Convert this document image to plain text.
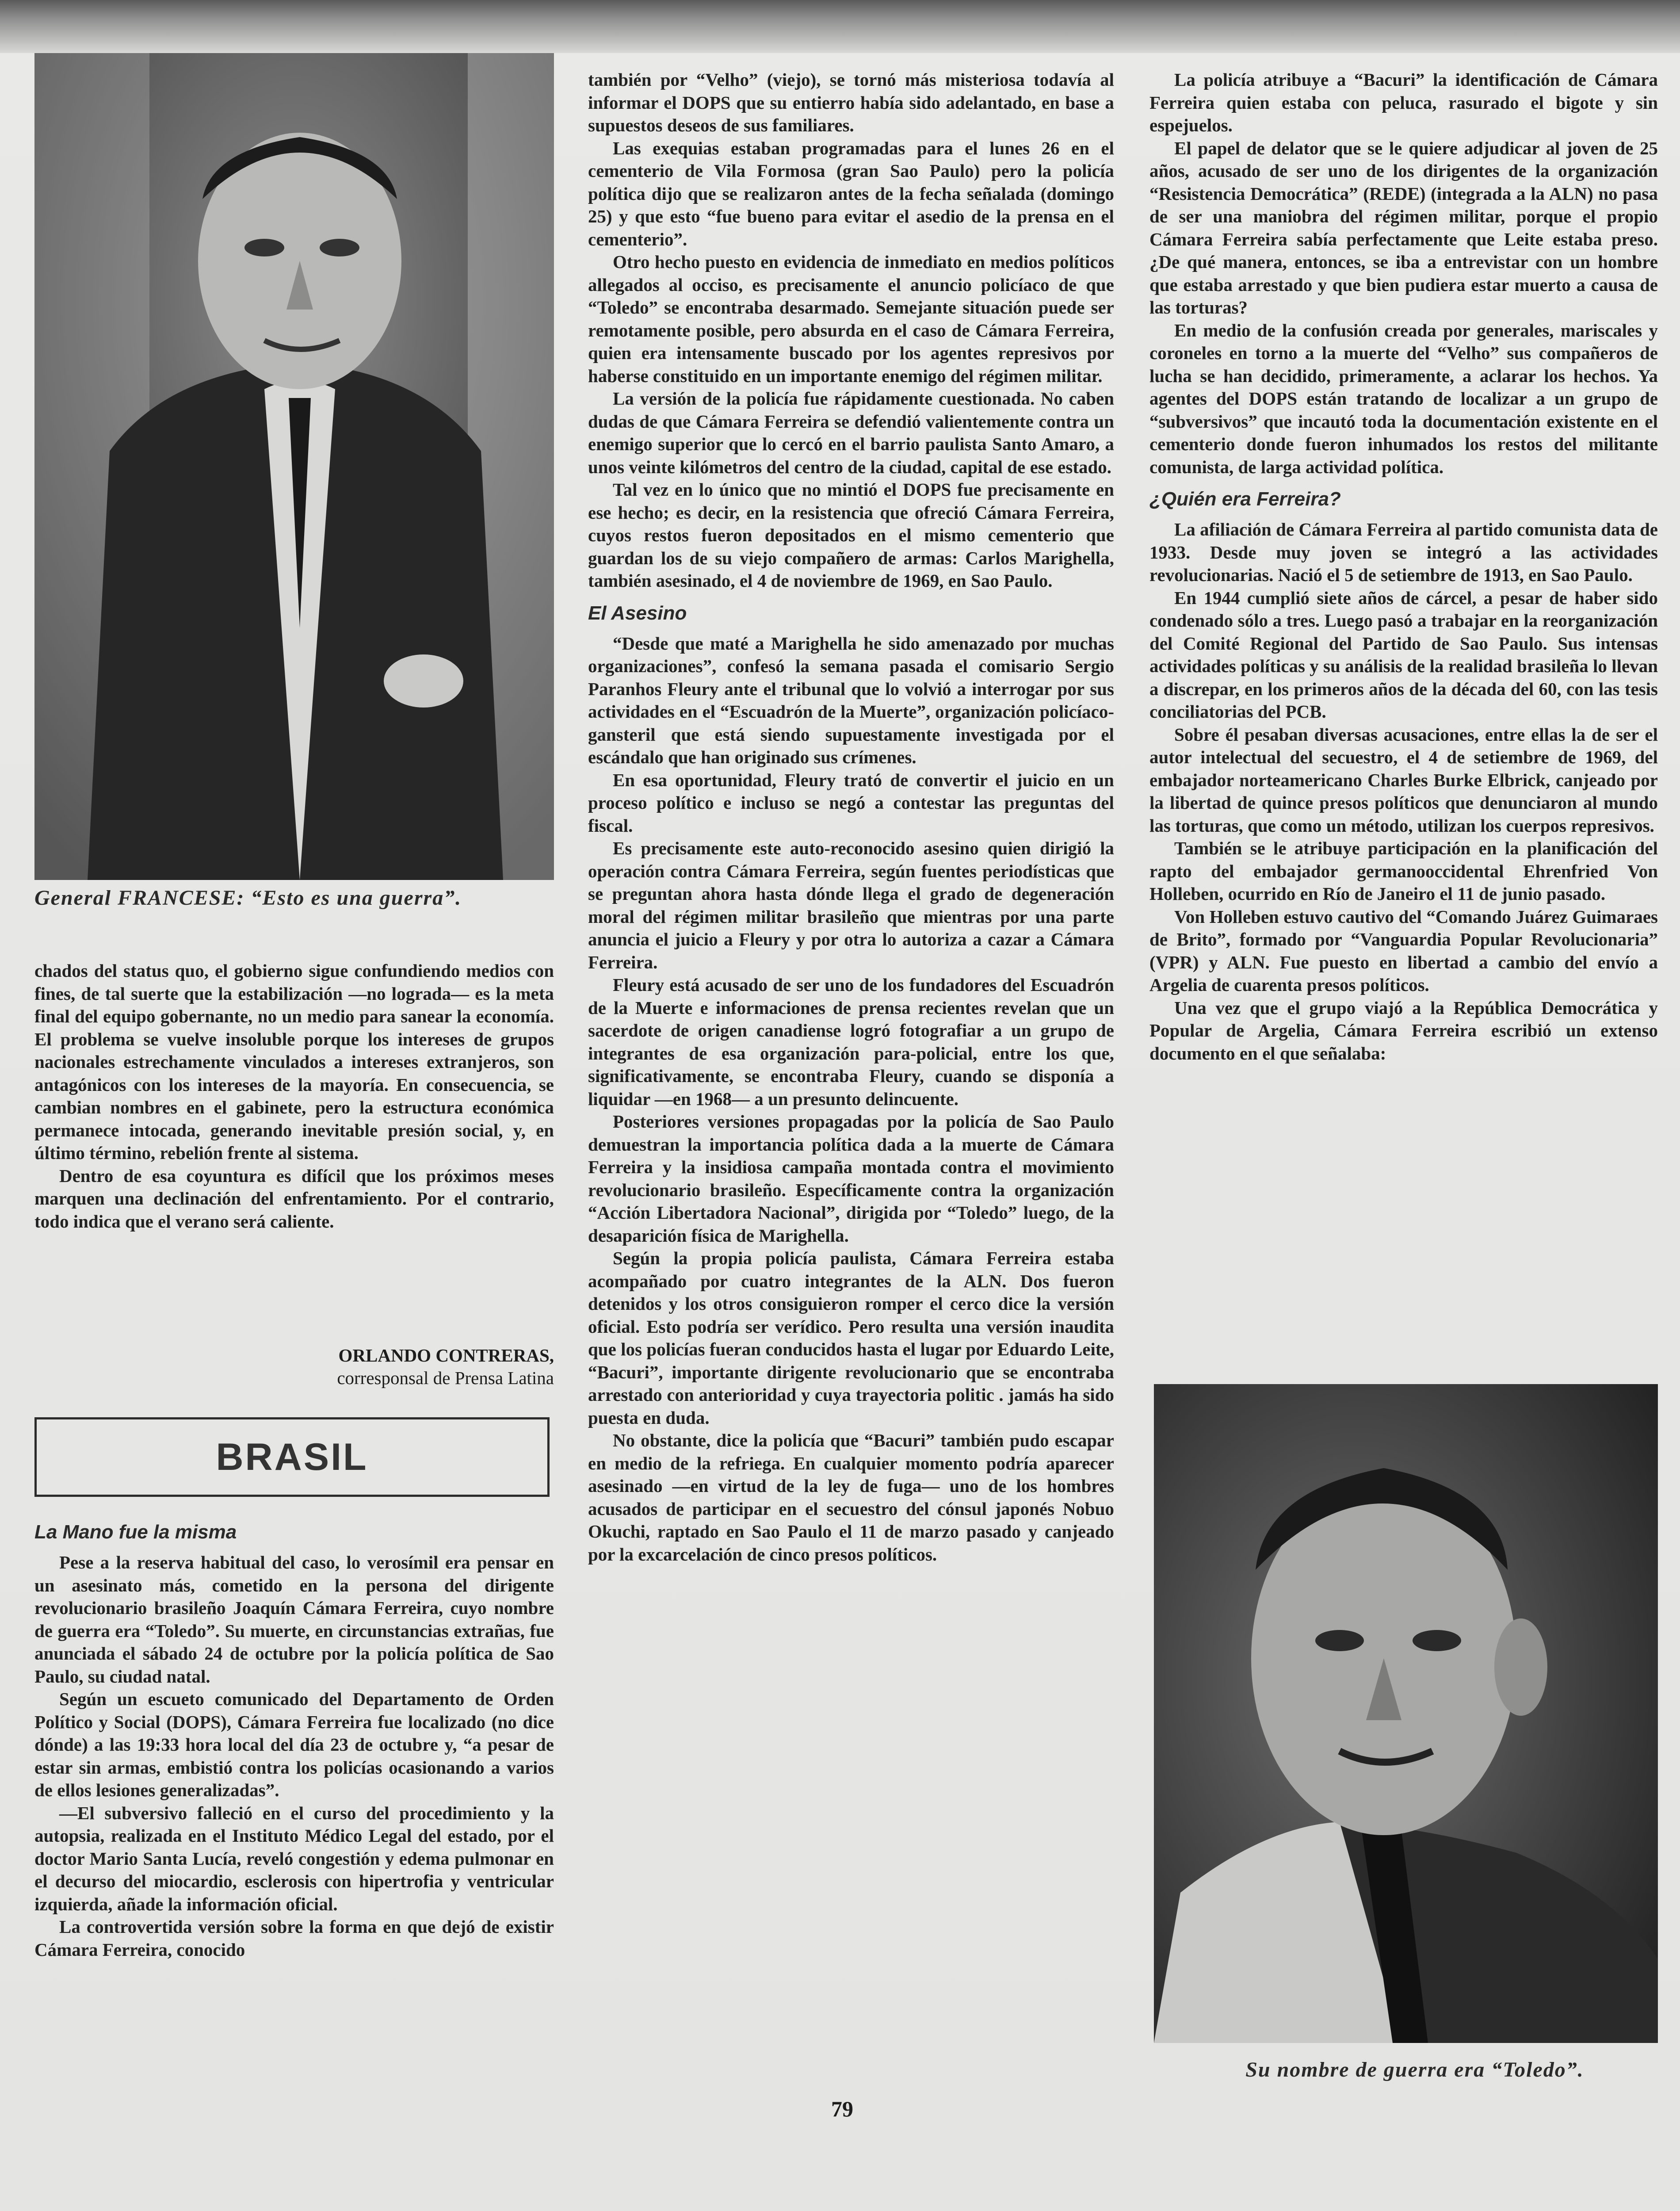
General FRANCESE: “Esto es una guerra”.

chados del status quo, el gobierno sigue confundiendo medios con fines, de tal suerte que la estabilización —no lograda— es la meta final del equipo gobernante, no un medio para sanear la economía. El problema se vuelve insoluble porque los intereses de grupos nacionales estrechamente vinculados a intereses extranjeros, son antagónicos con los intereses de la mayoría. En consecuencia, se cambian nombres en el gabinete, pero la estructura económica permanece intocada, generando inevitable presión social, y, en último término, rebelión frente al sistema.

Dentro de esa coyuntura es difícil que los próximos meses marquen una declinación del enfrentamiento. Por el contrario, todo indica que el verano será caliente.

ORLANDO CONTRERAS,
corresponsal de Prensa Latina
BRASIL
La Mano fue la misma

Pese a la reserva habitual del caso, lo verosímil era pensar en un asesinato más, cometido en la persona del dirigente revolucionario brasileño Joaquín Cámara Ferreira, cuyo nombre de guerra era “Toledo”. Su muerte, en circunstancias extrañas, fue anunciada el sábado 24 de octubre por la policía política de Sao Paulo, su ciudad natal.

Según un escueto comunicado del Departamento de Orden Político y Social (DOPS), Cámara Ferreira fue localizado (no dice dónde) a las 19:33 hora local del día 23 de octubre y, “a pesar de estar sin armas, embistió contra los policías ocasionando a varios de ellos lesiones generalizadas”.

—El subversivo falleció en el curso del procedimiento y la autopsia, realizada en el Instituto Médico Legal del estado, por el doctor Mario Santa Lucía, reveló congestión y edema pulmonar en el decurso del miocardio, esclerosis con hipertrofia y ventricular izquierda, añade la información oficial.

La controvertida versión sobre la forma en que dejó de existir Cámara Ferreira, conocido

también por “Velho” (viejo), se tornó más misteriosa todavía al informar el DOPS que su entierro había sido adelantado, en base a supuestos deseos de sus familiares.

Las exequias estaban programadas para el lunes 26 en el cementerio de Vila Formosa (gran Sao Paulo) pero la policía política dijo que se realizaron antes de la fecha señalada (domingo 25) y que esto “fue bueno para evitar el asedio de la prensa en el cementerio”.

Otro hecho puesto en evidencia de inmediato en medios políticos allegados al occiso, es precisamente el anuncio policíaco de que “Toledo” se encontraba desarmado. Semejante situación puede ser remotamente posible, pero absurda en el caso de Cámara Ferreira, quien era intensamente buscado por los agentes represivos por haberse constituido en un importante enemigo del régimen militar.

La versión de la policía fue rápidamente cuestionada. No caben dudas de que Cámara Ferreira se defendió valientemente contra un enemigo superior que lo cercó en el barrio paulista Santo Amaro, a unos veinte kilómetros del centro de la ciudad, capital de ese estado.

Tal vez en lo único que no mintió el DOPS fue precisamente en ese hecho; es decir, en la resistencia que ofreció Cámara Ferreira, cuyos restos fueron depositados en el mismo cementerio que guardan los de su viejo compañero de armas: Carlos Marighella, también asesinado, el 4 de noviembre de 1969, en Sao Paulo.

El Asesino

“Desde que maté a Marighella he sido amenazado por muchas organizaciones”, confesó la semana pasada el comisario Sergio Paranhos Fleury ante el tribunal que lo volvió a interrogar por sus actividades en el “Escuadrón de la Muerte”, organización policíaco-gansteril que está siendo supuestamente investigada por el escándalo que han originado sus crímenes.

En esa oportunidad, Fleury trató de convertir el juicio en un proceso político e incluso se negó a contestar las preguntas del fiscal.

Es precisamente este auto-reconocido asesino quien dirigió la operación contra Cámara Ferreira, según fuentes periodísticas que se preguntan ahora hasta dónde llega el grado de degeneración moral del régimen militar brasileño que mientras por una parte anuncia el juicio a Fleury y por otra lo autoriza a cazar a Cámara Ferreira.

Fleury está acusado de ser uno de los fundadores del Escuadrón de la Muerte e informaciones de prensa recientes revelan que un sacerdote de origen canadiense logró fotografiar a un grupo de integrantes de esa organización para-policial, entre los que, significativamente, se encontraba Fleury, cuando se disponía a liquidar —en 1968— a un presunto delincuente.

Posteriores versiones propagadas por la policía de Sao Paulo demuestran la importancia política dada a la muerte de Cámara Ferreira y la insidiosa campaña montada contra el movimiento revolucionario brasileño. Específicamente contra la organización “Acción Libertadora Nacional”, dirigida por “Toledo” luego, de la desaparición física de Marighella.

Según la propia policía paulista, Cámara Ferreira estaba acompañado por cuatro integrantes de la ALN. Dos fueron detenidos y los otros consiguieron romper el cerco dice la versión oficial. Esto podría ser verídico. Pero resulta una versión inaudita que los policías fueran conducidos hasta el lugar por Eduardo Leite, “Bacuri”, importante dirigente revolucionario que se encontraba arrestado con anterioridad y cuya trayectoria politic . jamás ha sido puesta en duda.

No obstante, dice la policía que “Bacuri” también pudo escapar en medio de la refriega. En cualquier momento podría aparecer asesinado —en virtud de la ley de fuga— uno de los hombres acusados de participar en el secuestro del cónsul japonés Nobuo Okuchi, raptado en Sao Paulo el 11 de marzo pasado y canjeado por la excarcelación de cinco presos políticos.

La policía atribuye a “Bacuri” la identificación de Cámara Ferreira quien estaba con peluca, rasurado el bigote y sin espejuelos.

El papel de delator que se le quiere adjudicar al joven de 25 años, acusado de ser uno de los dirigentes de la organización “Resistencia Democrática” (REDE) (integrada a la ALN) no pasa de ser una maniobra del régimen militar, porque el propio Cámara Ferreira sabía perfectamente que Leite estaba preso. ¿De qué manera, entonces, se iba a entrevistar con un hombre que estaba arrestado y que bien pudiera estar muerto a causa de las torturas?

En medio de la confusión creada por generales, mariscales y coroneles en torno a la muerte del “Velho” sus compañeros de lucha se han decidido, primeramente, a aclarar los hechos. Ya agentes del DOPS están tratando de localizar a un grupo de “subversivos” que incautó toda la documentación existente en el cementerio donde fueron inhumados los restos del militante comunista, de larga actividad política.

¿Quién era Ferreira?

La afiliación de Cámara Ferreira al partido comunista data de 1933. Desde muy joven se integró a las actividades revolucionarias. Nació el 5 de setiembre de 1913, en Sao Paulo.

En 1944 cumplió siete años de cárcel, a pesar de haber sido condenado sólo a tres. Luego pasó a trabajar en la reorganización del Comité Regional del Partido de Sao Paulo. Sus intensas actividades políticas y su análisis de la realidad brasileña lo llevan a discrepar, en los primeros años de la década del 60, con las tesis conciliatorias del PCB.

Sobre él pesaban diversas acusaciones, entre ellas la de ser el autor intelectual del secuestro, el 4 de setiembre de 1969, del embajador norteamericano Charles Burke Elbrick, canjeado por la libertad de quince presos políticos que denunciaron al mundo las torturas, que como un método, utilizan los cuerpos represivos.

También se le atribuye participación en la planificación del rapto del embajador germanooccidental Ehrenfried Von Holleben, ocurrido en Río de Janeiro el 11 de junio pasado.

Von Holleben estuvo cautivo del “Comando Juárez Guimaraes de Brito”, formado por “Vanguardia Popular Revolucionaria” (VPR) y ALN. Fue puesto en libertad a cambio del envío a Argelia de cuarenta presos políticos.

Una vez que el grupo viajó a la República Democrática y Popular de Argelia, Cámara Ferreira escribió un extenso documento en el que señalaba:

Su nombre de guerra era “Toledo”.
79
